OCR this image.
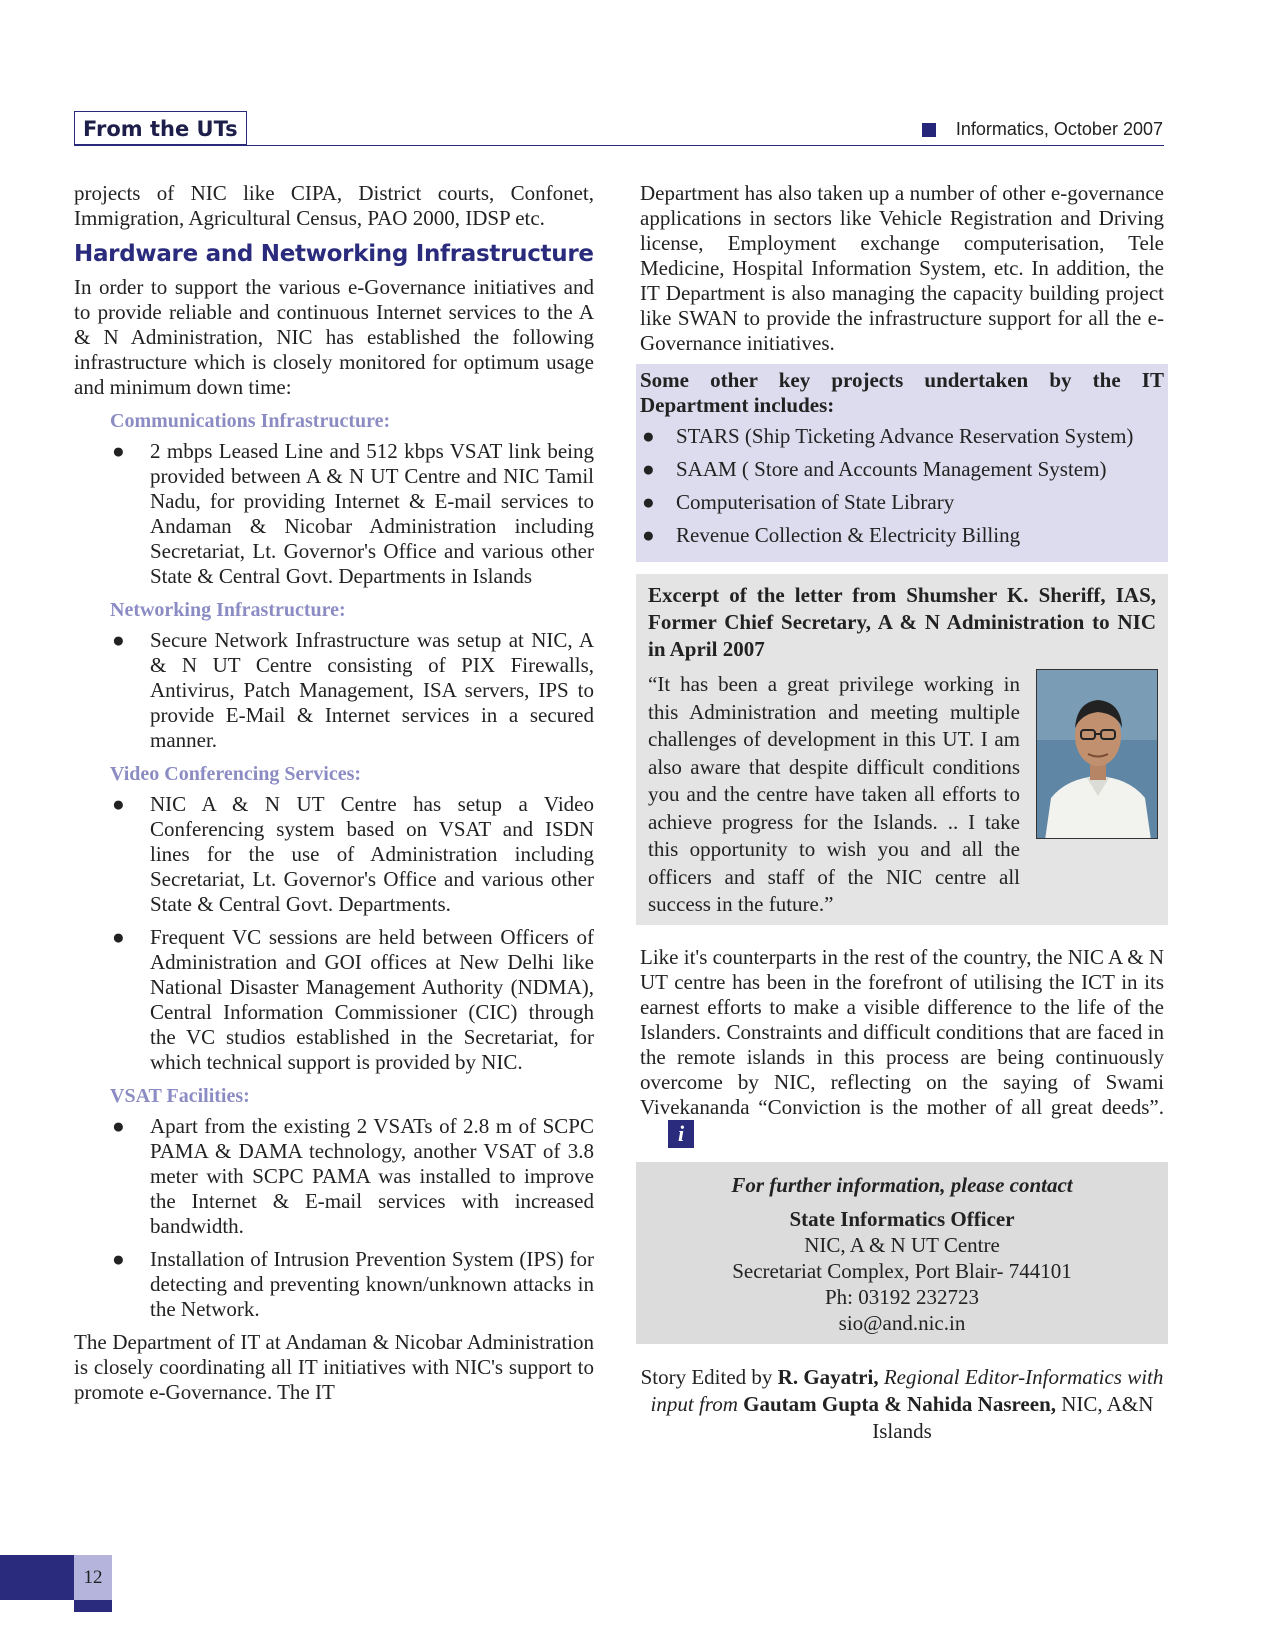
From the UTs	Informatics, October 2007

projects of NIC like CIPA, District courts, Confonet, Immigration, Agricultural Census, PAO 2000, IDSP etc.

Hardware and Networking Infrastructure

In order to support the various e-Governance initiatives and to provide reliable and continuous Internet services to the A & N Administration, NIC has established the following infrastructure which is closely monitored for optimum usage and minimum down time:

Communications Infrastructure:
● 2 mbps Leased Line and 512 kbps VSAT link being provided between A & N UT Centre and NIC Tamil Nadu, for providing Internet & E-mail services to Andaman & Nicobar Administration including Secretariat, Lt. Governor's Office and various other State & Central Govt. Departments in Islands
Networking Infrastructure:
● Secure Network Infrastructure was setup at NIC, A & N UT Centre consisting of PIX Firewalls, Antivirus, Patch Management, ISA servers, IPS to provide E-Mail & Internet services in a secured manner.
Video Conferencing Services:
● NIC A & N UT Centre has setup a Video Conferencing system based on VSAT and ISDN lines for the use of Administration including Secretariat, Lt. Governor's Office and various other State & Central Govt. Departments.
● Frequent VC sessions are held between Officers of Administration and GOI offices at New Delhi like National Disaster Management Authority (NDMA), Central Information Commissioner (CIC) through the VC studios established in the Secretariat, for which technical support is provided by NIC.
VSAT Facilities:
● Apart from the existing 2 VSATs of 2.8 m of SCPC PAMA & DAMA technology, another VSAT of 3.8 meter with SCPC PAMA was installed to improve the Internet & E-mail services with increased bandwidth.
● Installation of Intrusion Prevention System (IPS) for detecting and preventing known/unknown attacks in the Network.

The Department of IT at Andaman & Nicobar Administration is closely coordinating all IT initiatives with NIC's support to promote e-Governance. The IT

Department has also taken up a number of other e-governance applications in sectors like Vehicle Registration and Driving license, Employment exchange computerisation, Tele Medicine, Hospital Information System, etc. In addition, the IT Department is also managing the capacity building project like SWAN to provide the infrastructure support for all the e-Governance initiatives.

Some other key projects undertaken by the IT Department includes:

● STARS (Ship Ticketing Advance Reservation System)
● SAAM ( Store and Accounts Management System)
● Computerisation of State Library
● Revenue Collection & Electricity Billing

Excerpt of the letter from Shumsher K. Sheriff, IAS, Former Chief Secretary, A & N Administration to NIC in April 2007

“It has been a great privilege working in this Administration and meeting multiple challenges of development in this UT. I am also aware that despite difficult conditions you and the centre have taken all efforts to achieve progress for the Islands. .. I take this opportunity to wish you and all the officers and staff of the NIC centre all success in the future.”

Like it's counterparts in the rest of the country, the NIC A & N UT centre has been in the forefront of utilising the ICT in its earnest efforts to make a visible difference to the life of the Islanders. Constraints and difficult conditions that are faced in the remote islands in this process are being continuously overcome by NIC, reflecting on the saying of Swami Vivekananda “Conviction is the mother of all great deeds”.i

For further information, please contact
State Informatics Officer
NIC, A & N UT Centre
Secretariat Complex, Port Blair- 744101
Ph: 03192 232723
sio@and.nic.in
Story Edited by R. Gayatri, Regional Editor-Informatics with input from Gautam Gupta & Nahida Nasreen, NIC, A&N Islands
12
